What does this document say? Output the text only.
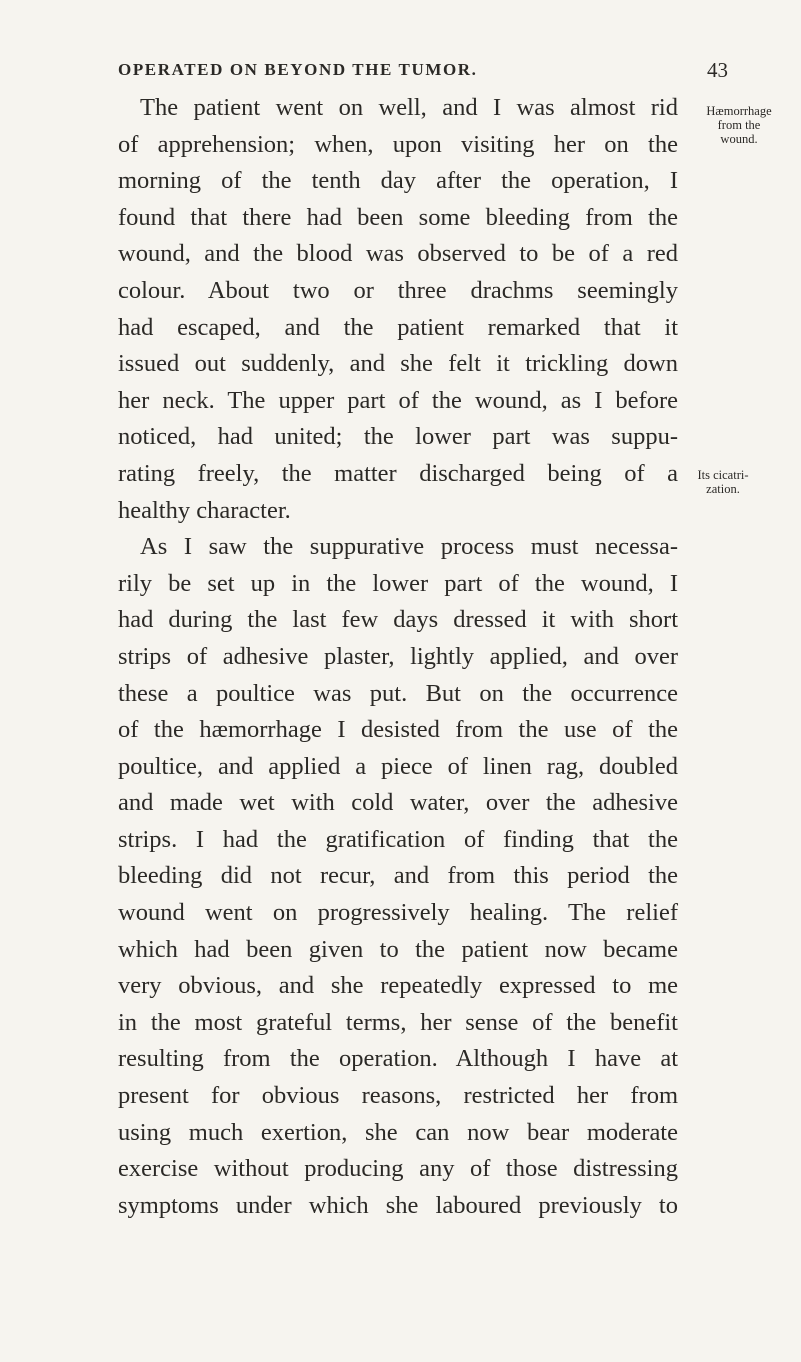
OPERATED ON BEYOND THE TUMOR.	43
The patient went on well, and I was almost rid
of apprehension; when, upon visiting her on the
morning of the tenth day after the operation, I
found that there had been some bleeding from the
wound, and the blood was observed to be of a red
colour. About two or three drachms seemingly
had escaped, and the patient remarked that it
issued out suddenly, and she felt it trickling down
her neck. The upper part of the wound, as I before
noticed, had united; the lower part was suppu-
rating freely, the matter discharged being of a
healthy character.
As I saw the suppurative process must necessa-
rily be set up in the lower part of the wound, I
had during the last few days dressed it with short
strips of adhesive plaster, lightly applied, and over
these a poultice was put. But on the occurrence
of the hæmorrhage I desisted from the use of the
poultice, and applied a piece of linen rag, doubled
and made wet with cold water, over the adhesive
strips. I had the gratification of finding that the
bleeding did not recur, and from this period the
wound went on progressively healing. The relief
which had been given to the patient now became
very obvious, and she repeatedly expressed to me
in the most grateful terms, her sense of the benefit
resulting from the operation. Although I have at
present for obvious reasons, restricted her from
using much exertion, she can now bear moderate
exercise without producing any of those distressing
symptoms under which she laboured previously to
Hæmorrhage
from the
wound.
Its cicatri-
zation.
